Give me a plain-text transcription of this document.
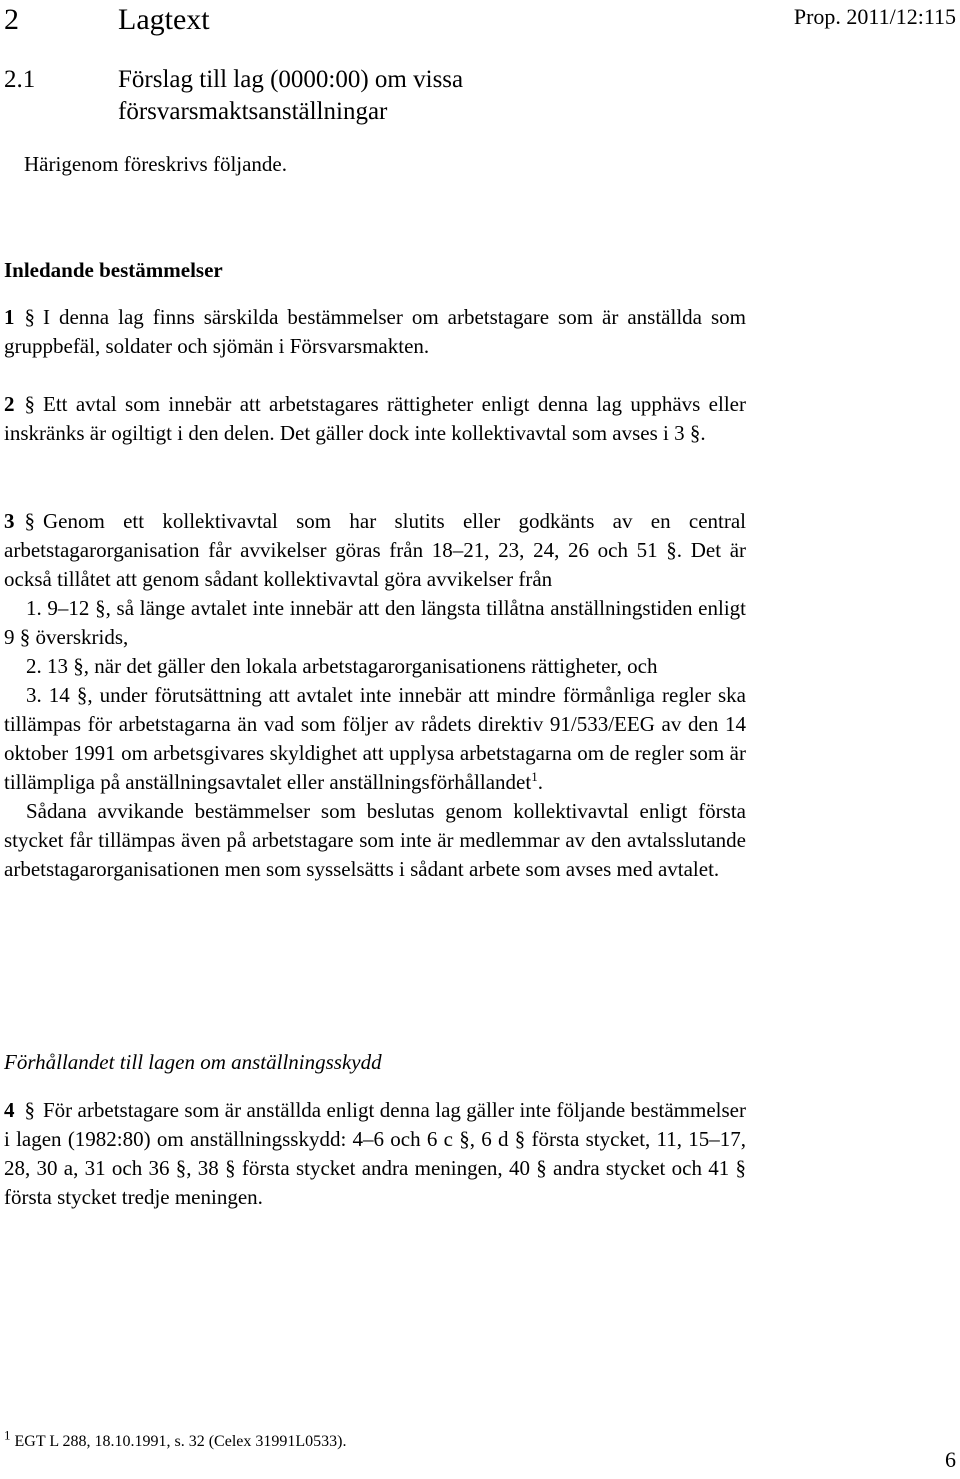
2	Lagtext	Prop. 2011/12:115
2.1	Förslag till lag (0000:00) om vissa försvarsmaktsanställningar
Härigenom föreskrivs följande.
Inledande bestämmelser

1 § I denna lag finns särskilda bestämmelser om arbetstagare som är anställda som gruppbefäl, soldater och sjömän i Försvarsmakten.

2 § Ett avtal som innebär att arbetstagares rättigheter enligt denna lag upphävs eller inskränks är ogiltigt i den delen. Det gäller dock inte kollektivavtal som avses i 3 §.

3 § Genom ett kollektivavtal som har slutits eller godkänts av en central arbetstagarorganisation får avvikelser göras från 18–21, 23, 24, 26 och 51 §. Det är också tillåtet att genom sådant kollektivavtal göra avvikelser från

1. 9–12 §, så länge avtalet inte innebär att den längsta tillåtna anställningstiden enligt 9 § överskrids,

2. 13 §, när det gäller den lokala arbetstagarorganisationens rättigheter, och

3. 14 §, under förutsättning att avtalet inte innebär att mindre förmånliga regler ska tillämpas för arbetstagarna än vad som följer av rådets direktiv 91/533/EEG av den 14 oktober 1991 om arbetsgivares skyldighet att upplysa arbetstagarna om de regler som är tillämpliga på anställningsavtalet eller anställningsförhållandet$^1$.

Sådana avvikande bestämmelser som beslutas genom kollektivavtal enligt första stycket får tillämpas även på arbetstagare som inte är medlemmar av den avtalsslutande arbetstagarorganisationen men som sysselsätts i sådant arbete som avses med avtalet.

Förhållandet till lagen om anställningsskydd

4 § För arbetstagare som är anställda enligt denna lag gäller inte följande bestämmelser i lagen (1982:80) om anställningsskydd: 4–6 och 6 c §, 6 d § första stycket, 11, 15–17, 28, 30 a, 31 och 36 §, 38 § första stycket andra meningen, 40 § andra stycket och 41 § första stycket tredje meningen.

$^1$ EGT L 288, 18.10.1991, s. 32 (Celex 31991L0533).
6
